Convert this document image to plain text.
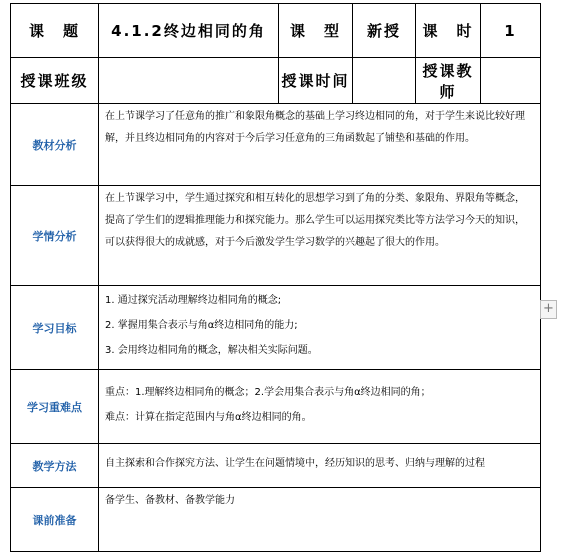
课　题	4.1.2终边相同的角	课　型	新授	课　时	1
授课班级		授课时间		授课教师	
教材分析	在上节课学习了任意角的推广和象限角概念的基础上学习终边相同的角，对于学生来说比较好理解，并且终边相同角的内容对于今后学习任意角的三角函数起了铺垫和基础的作用。				
学情分析	在上节课学习中，学生通过探究和相互转化的思想学习到了角的分类、象限角、界限角等概念，提高了学生们的逻辑推理能力和探究能力。那么学生可以运用探究类比等方法学习今天的知识，可以获得很大的成就感，对于今后激发学生学习数学的兴趣起了很大的作用。				
学习目标	1. 通过探究活动理解终边相同角的概念;
2. 掌握用集合表示与角α终边相同角的能力;
3. 会用终边相同角的概念，解决相关实际问题。				

学习重难点	重点：1.理解终边相同角的概念；2.学会用集合表示与角α终边相同的角；
难点：计算在指定范围内与角α终边相同的角。				

教学方法	自主探索和合作探究方法、让学生在问题情境中，经历知识的思考、归纳与理解的过程				
课前准备	备学生、备教材、备教学能力				
+
